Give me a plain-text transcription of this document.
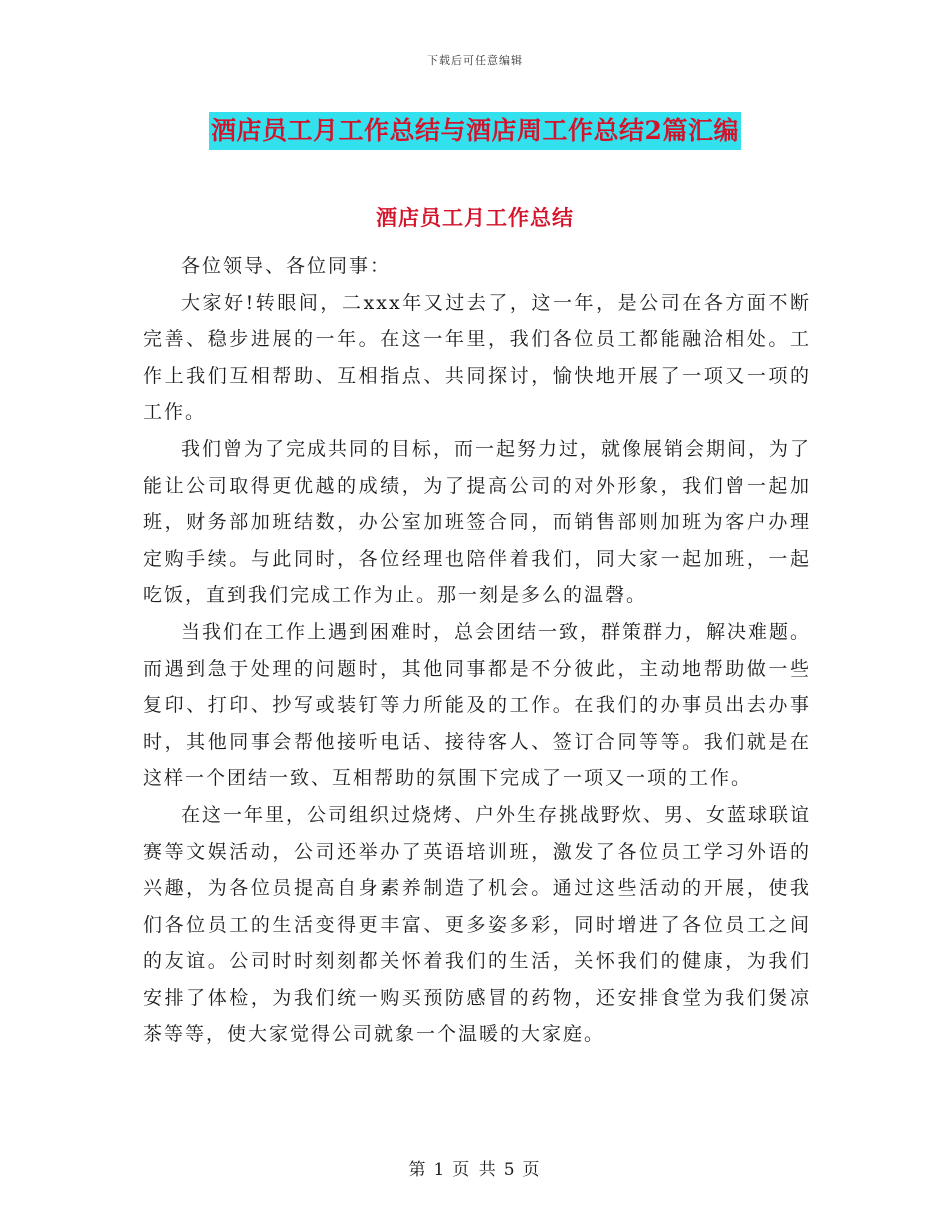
下载后可任意编辑
酒店员工月工作总结与酒店周工作总结2篇汇编
酒店员工月工作总结

各位领导、各位同事：

大家好!转眼间，二xxx年又过去了，这一年，是公司在各方面不断完善、稳步进展的一年。在这一年里，我们各位员工都能融洽相处。工作上我们互相帮助、互相指点、共同探讨，愉快地开展了一项又一项的工作。

我们曾为了完成共同的目标，而一起努力过，就像展销会期间，为了能让公司取得更优越的成绩，为了提高公司的对外形象，我们曾一起加班，财务部加班结数，办公室加班签合同，而销售部则加班为客户办理定购手续。与此同时，各位经理也陪伴着我们，同大家一起加班，一起吃饭，直到我们完成工作为止。那一刻是多么的温磬。

当我们在工作上遇到困难时，总会团结一致，群策群力，解决难题。而遇到急于处理的问题时，其他同事都是不分彼此，主动地帮助做一些复印、打印、抄写或装钉等力所能及的工作。在我们的办事员出去办事时，其他同事会帮他接听电话、接待客人、签订合同等等。我们就是在这样一个团结一致、互相帮助的氛围下完成了一项又一项的工作。

在这一年里，公司组织过烧烤、户外生存挑战野炊、男、女蓝球联谊赛等文娱活动，公司还举办了英语培训班，激发了各位员工学习外语的兴趣，为各位员提高自身素养制造了机会。通过这些活动的开展，使我们各位员工的生活变得更丰富、更多姿多彩，同时增进了各位员工之间的友谊。公司时时刻刻都关怀着我们的生活，关怀我们的健康，为我们安排了体检，为我们统一购买预防感冒的药物，还安排食堂为我们煲凉茶等等，使大家觉得公司就象一个温暖的大家庭。

第 1 页 共 5 页
